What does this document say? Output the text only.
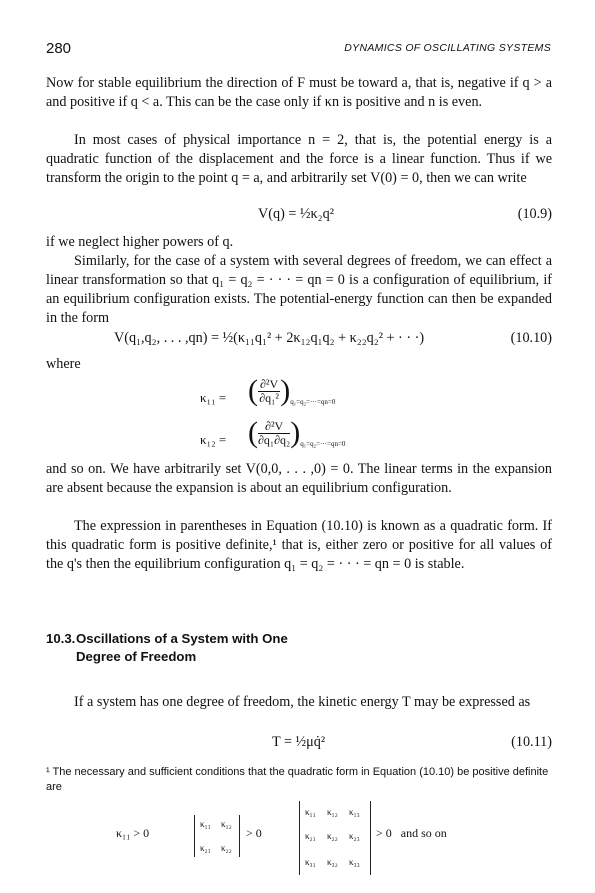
280	DYNAMICS OF OSCILLATING SYSTEMS

Now for stable equilibrium the direction of F must be toward a, that is, negative if q > a and positive if q < a. This can be the case only if κn is positive and n is even.

In most cases of physical importance n = 2, that is, the potential energy is a quadratic function of the displacement and the force is a linear function. Thus if we transform the origin to the point q = a, and arbitrarily set V(0) = 0, then we can write

V(q) = ½κ₂q²	(10.9)

if we neglect higher powers of q.

Similarly, for the case of a system with several degrees of freedom, we can effect a linear transformation so that q₁ = q₂ = · · · = qn = 0 is a configuration of equilibrium, if an equilibrium configuration exists. The potential-energy function can then be expanded in the form

V(q₁,q₂, . . . ,qn) = ½(κ₁₁q₁² + 2κ₁₂q₁q₂ + κ₂₂q₂² + · · ·)	(10.10)

where

κ₁₁ = ( $\frac{\text{∂²V}}{\text{∂q₁²}} )_{q_1=q_2=\cdot\cdot\cdot=qn=0}$
κ₁₂ = ( $\frac{\text{∂²V}}{\text{∂q₁∂q₂}} )_{q_1=q_2=\cdot\cdot\cdot=qn=0}$

and so on. We have arbitrarily set V(0,0, . . . ,0) = 0. The linear terms in the expansion are absent because the expansion is about an equilibrium configuration.

The expression in parentheses in Equation (10.10) is known as a quadratic form. If this quadratic form is positive definite,¹ that is, either zero or positive for all values of the q's then the equilibrium configuration q₁ = q₂ = · · · = qn = 0 is stable.

10.3. Oscillations of a System with One
Degree of Freedom

If a system has one degree of freedom, the kinetic energy T may be expressed as

T = ½μq̇²	(10.11)

¹ The necessary and sufficient conditions that the quadratic form in Equation (10.10) be positive definite are

κ₁₁ > 0
κ₁₁ κ₁₂
κ₂₁ κ₂₂
> 0
κ₁₁ κ₁₂ κ₁₃
κ₂₁ κ₂₂ κ₂₃
κ₃₁ κ₃₂ κ₃₃
> 0   and so on
